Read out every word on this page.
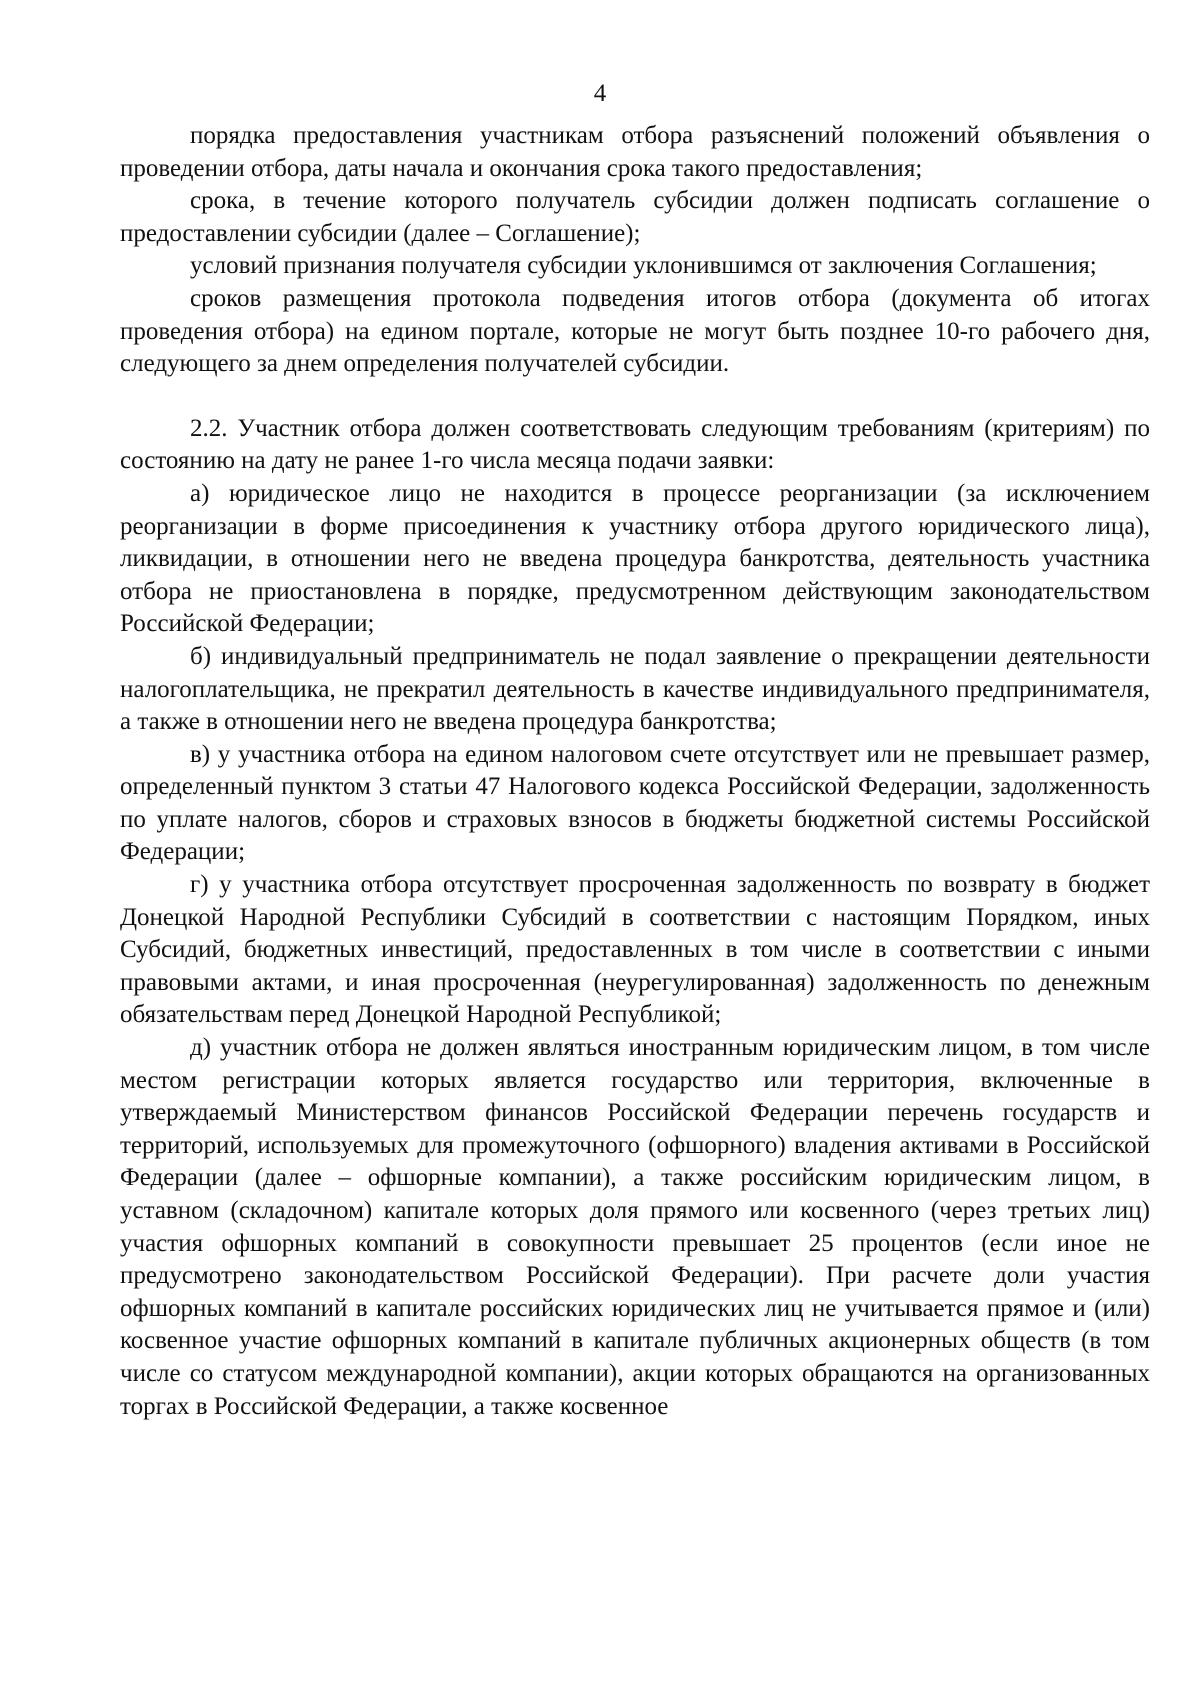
4

порядка предоставления участникам отбора разъяснений положений объявления о проведении отбора, даты начала и окончания срока такого предоставления;

срока, в течение которого получатель субсидии должен подписать соглашение о предоставлении субсидии (далее – Соглашение);

условий признания получателя субсидии уклонившимся от заключения Соглашения;

сроков размещения протокола подведения итогов отбора (документа об итогах проведения отбора) на едином портале, которые не могут быть позднее 10-го рабочего дня, следующего за днем определения получателей субсидии.

2.2. Участник отбора должен соответствовать следующим требованиям (критериям) по состоянию на дату не ранее 1-го числа месяца подачи заявки:

а) юридическое лицо не находится в процессе реорганизации (за исключением реорганизации в форме присоединения к участнику отбора другого юридического лица), ликвидации, в отношении него не введена процедура банкротства, деятельность участника отбора не приостановлена в порядке, предусмотренном действующим законодательством Российской Федерации;

б) индивидуальный предприниматель не подал заявление о прекращении деятельности налогоплательщика, не прекратил деятельность в качестве индивидуального предпринимателя, а также в отношении него не введена процедура банкротства;

в) у участника отбора на едином налоговом счете отсутствует или не превышает размер, определенный пунктом 3 статьи 47 Налогового кодекса Российской Федерации, задолженность по уплате налогов, сборов и страховых взносов в бюджеты бюджетной системы Российской Федерации;

г) у участника отбора отсутствует просроченная задолженность по возврату в бюджет Донецкой Народной Республики Субсидий в соответствии с настоящим Порядком, иных Субсидий, бюджетных инвестиций, предоставленных в том числе в соответствии с иными правовыми актами, и иная просроченная (неурегулированная) задолженность по денежным обязательствам перед Донецкой Народной Республикой;

д) участник отбора не должен являться иностранным юридическим лицом, в том числе местом регистрации которых является государство или территория, включенные в утверждаемый Министерством финансов Российской Федерации перечень государств и территорий, используемых для промежуточного (офшорного) владения активами в Российской Федерации (далее – офшорные компании), а также российским юридическим лицом, в уставном (складочном) капитале которых доля прямого или косвенного (через третьих лиц) участия офшорных компаний в совокупности превышает 25 процентов (если иное не предусмотрено законодательством Российской Федерации). При расчете доли участия офшорных компаний в капитале российских юридических лиц не учитывается прямое и (или) косвенное участие офшорных компаний в капитале публичных акционерных обществ (в том числе со статусом международной компании), акции которых обращаются на организованных торгах в Российской Федерации, а также косвенное
